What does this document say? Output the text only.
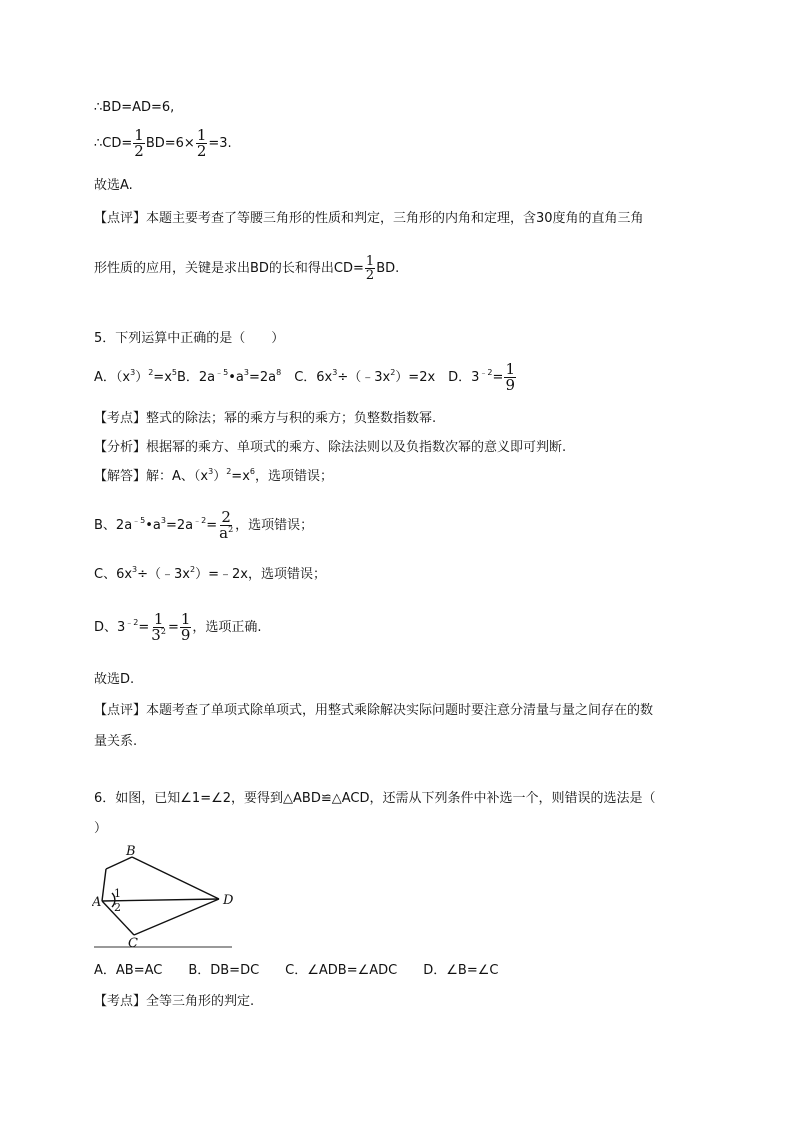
∴BD=AD=6,
∴CD= $\frac{1}{2} BD=6\times \frac{1}{2} =3$.
故选A.
【点评】本题主要考查了等腰三角形的性质和判定，三角形的内角和定理，含30度角的直角三角
形性质的应用，关键是求出BD的长和得出$CD= \frac{1}{2}$ BD.
5．下列运算中正确的是（　　）
A．$(x^3)^2=x^5B$．$2a^{﹣5}•a^3=2a^8$　C．$6x^3\div(﹣3x^2)=2x$　D．$3^{﹣2}= \frac{1}{9}$
【考点】整式的除法；幂的乘方与积的乘方；负整数指数幂.
【分析】根据幂的乘方、单项式的乘方、除法法则以及负指数次幂的意义即可判断.
【解答】解：A、$(x^3)^2=x^6$，选项错误；
B、$2a^{﹣5}•a^3=2a^{﹣2}= \frac{2}{a^2}$ ，选项错误；
C、$6x^3\div(﹣3x^2)=﹣2x$，选项错误；
D、$3^{﹣2}= \frac{1}{3^2} = \frac{1}{9}$ ，选项正确.
故选D.
【点评】本题考查了单项式除单项式，用整式乘除解决实际问题时要注意分清量与量之间存在的数
量关系.
6．如图，已知∠1=∠2，要得到△ABD≌△ACD，还需从下列条件中补选一个，则错误的选法是（
）
B
A	D
C
1
2
A．AB=AC　　B．DB=DC　　C．∠ADB=∠ADC　　D．∠B=∠C
【考点】全等三角形的判定.
